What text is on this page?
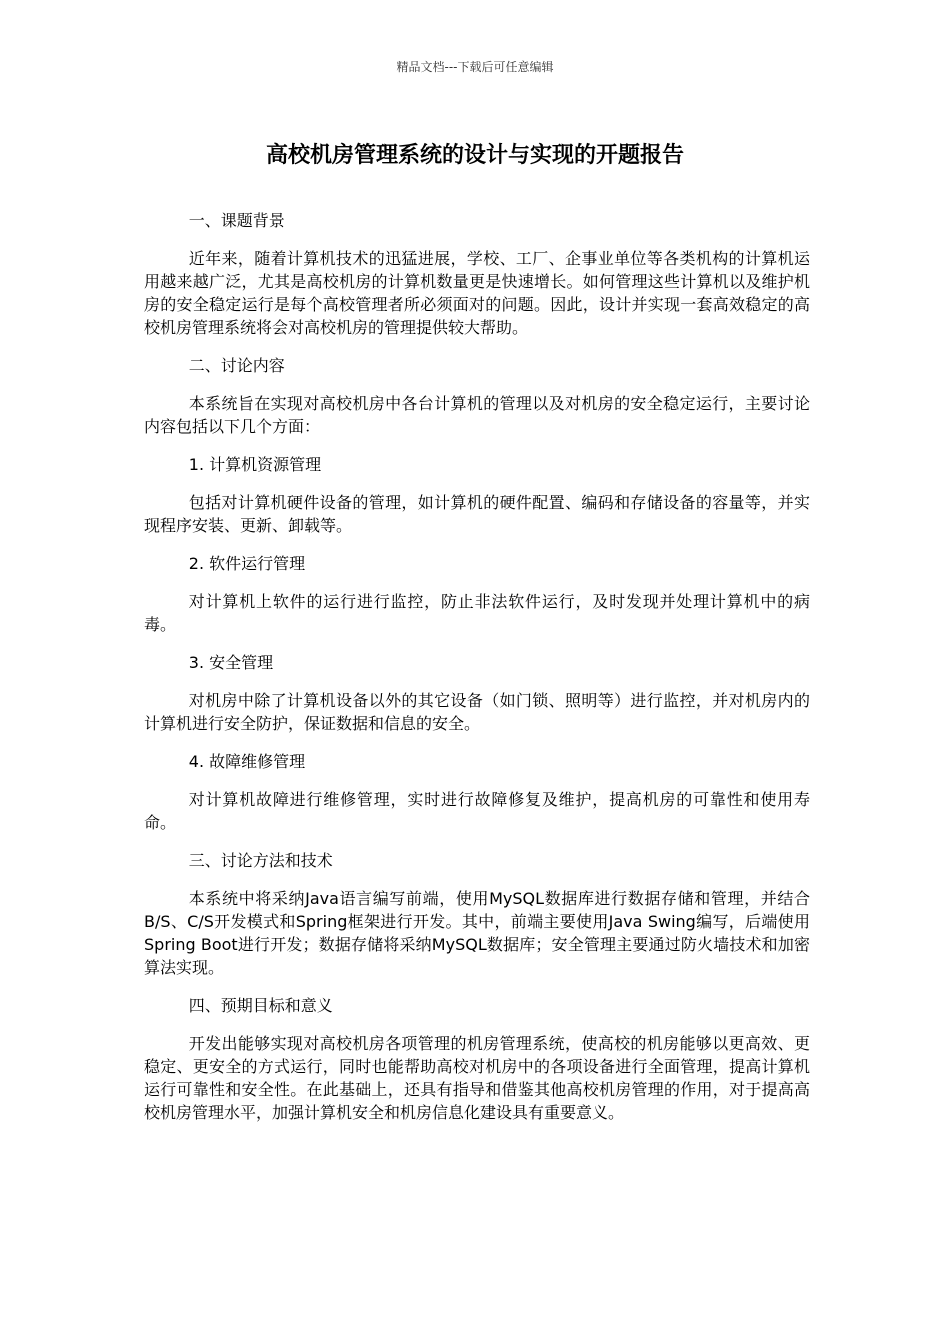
精品文档---下载后可任意编辑
高校机房管理系统的设计与实现的开题报告

一、课题背景

近年来，随着计算机技术的迅猛进展，学校、工厂、企事业单位等各类机构的计算机运用越来越广泛，尤其是高校机房的计算机数量更是快速增长。如何管理这些计算机以及维护机房的安全稳定运行是每个高校管理者所必须面对的问题。因此，设计并实现一套高效稳定的高校机房管理系统将会对高校机房的管理提供较大帮助。

二、讨论内容

本系统旨在实现对高校机房中各台计算机的管理以及对机房的安全稳定运行，主要讨论内容包括以下几个方面：

1. 计算机资源管理

包括对计算机硬件设备的管理，如计算机的硬件配置、编码和存储设备的容量等，并实现程序安装、更新、卸载等。

2. 软件运行管理

对计算机上软件的运行进行监控，防止非法软件运行，及时发现并处理计算机中的病毒。

3. 安全管理

对机房中除了计算机设备以外的其它设备（如门锁、照明等）进行监控，并对机房内的计算机进行安全防护，保证数据和信息的安全。

4. 故障维修管理

对计算机故障进行维修管理，实时进行故障修复及维护，提高机房的可靠性和使用寿命。

三、讨论方法和技术

本系统中将采纳Java语言编写前端，使用MySQL数据库进行数据存储和管理，并结合B/S、C/S开发模式和Spring框架进行开发。其中，前端主要使用Java Swing编写，后端使用Spring Boot进行开发；数据存储将采纳MySQL数据库；安全管理主要通过防火墙技术和加密算法实现。

四、预期目标和意义

开发出能够实现对高校机房各项管理的机房管理系统，使高校的机房能够以更高效、更稳定、更安全的方式运行，同时也能帮助高校对机房中的各项设备进行全面管理，提高计算机运行可靠性和安全性。在此基础上，还具有指导和借鉴其他高校机房管理的作用，对于提高高校机房管理水平，加强计算机安全和机房信息化建设具有重要意义。
